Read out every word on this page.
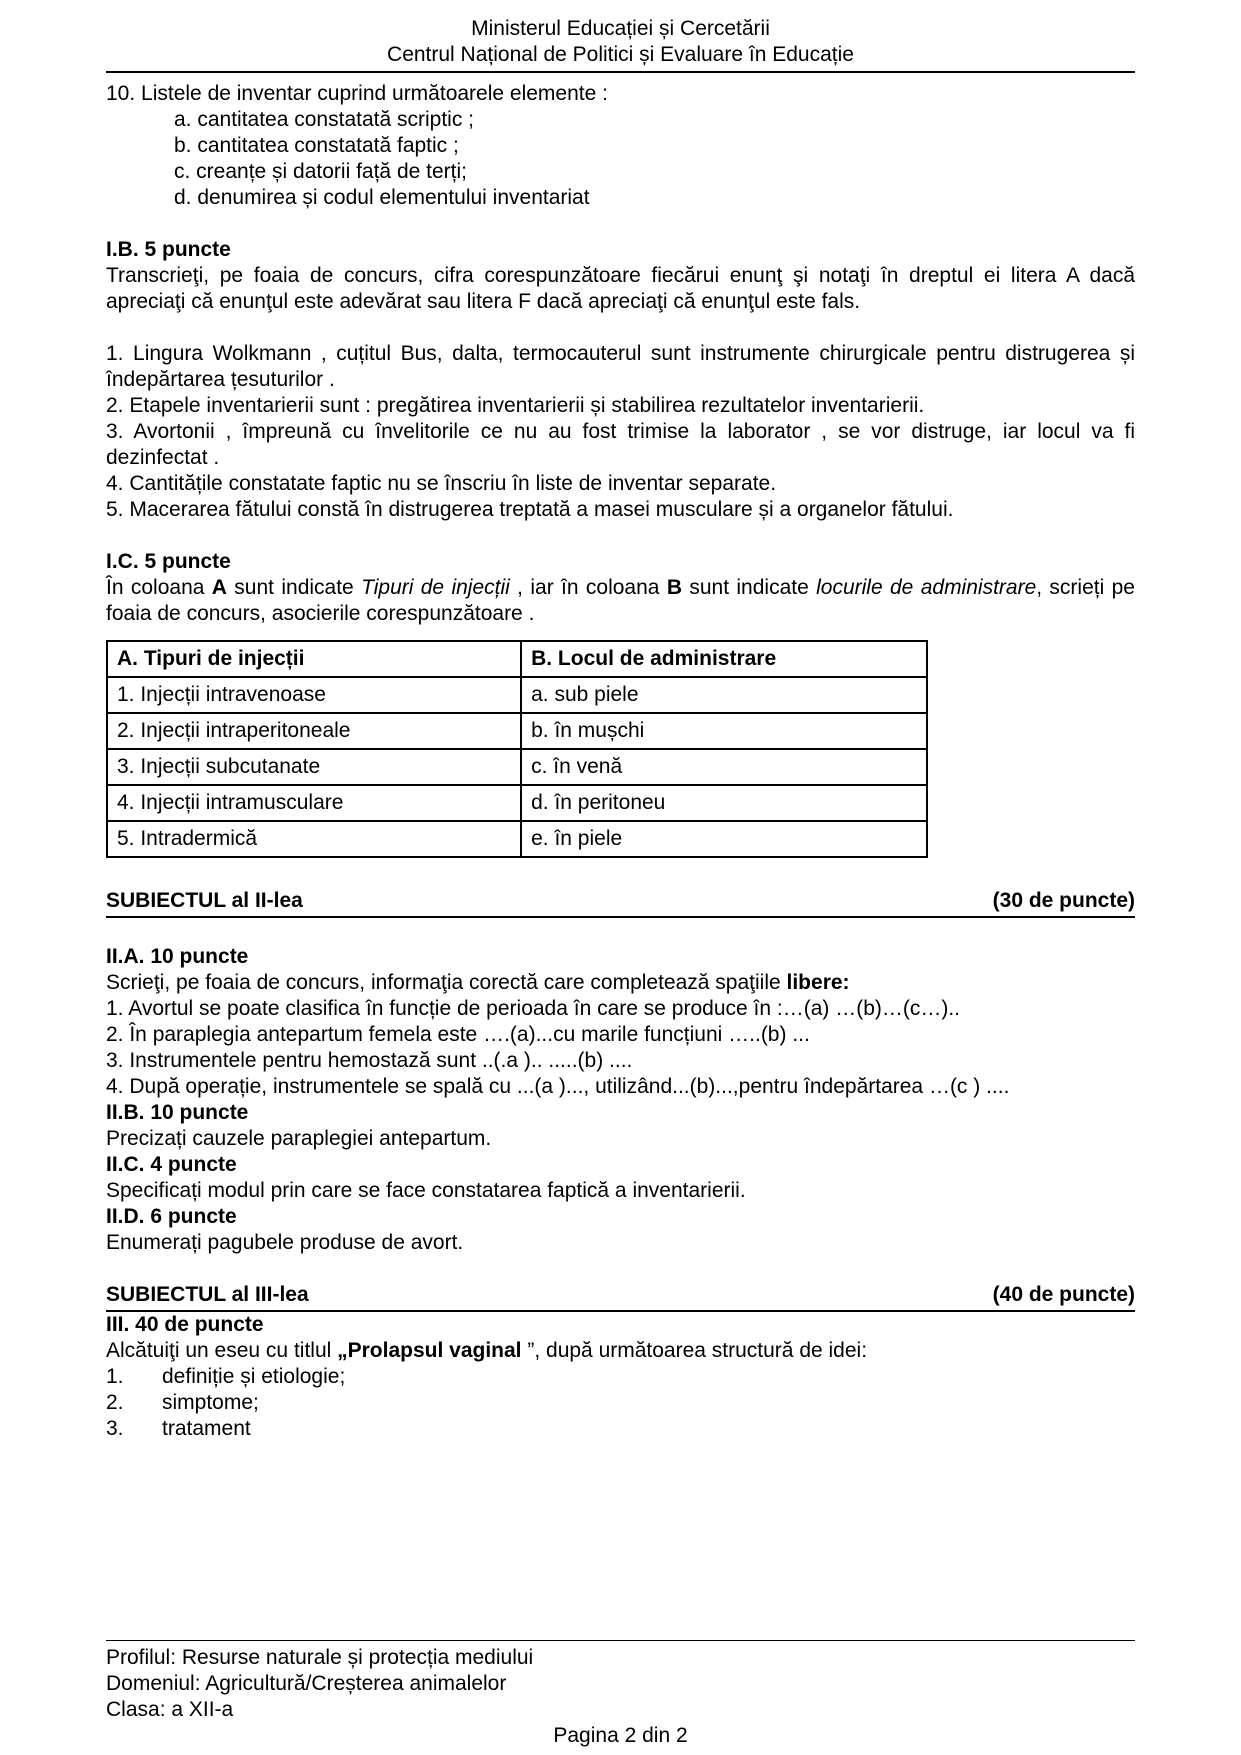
Ministerul Educației și Cercetării
Centrul Național de Politici și Evaluare în Educație

10. Listele de inventar cuprind următoarele elemente :

a. cantitatea constatată scriptic ;

b. cantitatea constatată faptic ;

c. creanțe și datorii față de terți;

d. denumirea și codul elementului inventariat

I.B. 5 puncte

Transcrieţi, pe foaia de concurs, cifra corespunzătoare fiecărui enunţ şi notaţi în dreptul ei litera A dacă apreciaţi că enunţul este adevărat sau litera F dacă apreciaţi că enunţul este fals.

1. Lingura Wolkmann , cuțitul Bus, dalta, termocauterul sunt instrumente chirurgicale pentru distrugerea și îndepărtarea țesuturilor .

2. Etapele inventarierii sunt : pregătirea inventarierii și stabilirea rezultatelor inventarierii.

3. Avortonii , împreună cu învelitorile ce nu au fost trimise la laborator , se vor distruge, iar locul va fi dezinfectat .

4. Cantitățile constatate faptic nu se înscriu în liste de inventar separate.

5. Macerarea fătului constă în distrugerea treptată a masei musculare și a organelor fătului.

I.C. 5 puncte

În coloana A sunt indicate Tipuri de injecții , iar în coloana B sunt indicate locurile de administrare, scrieți pe foaia de concurs, asocierile corespunzătoare .

A. Tipuri de injecții	B. Locul de administrare
1. Injecții intravenoase	a. sub piele
2. Injecții intraperitoneale	b. în mușchi
3. Injecții subcutanate	c. în venă
4. Injecții intramusculare	d. în peritoneu
5. Intradermică	e. în piele
SUBIECTUL al II-lea	(30 de puncte)

II.A. 10 puncte

Scrieţi, pe foaia de concurs, informaţia corectă care completează spaţiile libere:

1. Avortul se poate clasifica în funcție de perioada în care se produce în :…(a) …(b)…(c…)..

2. În paraplegia antepartum femela este ….(a)...cu marile funcțiuni …..(b) ...

3. Instrumentele pentru hemostază sunt ..(.a ).. .....(b) ....

4. După operație, instrumentele se spală cu ...(a )..., utilizând...(b)...,pentru îndepărtarea …(c ) ....

II.B. 10 puncte

Precizați cauzele paraplegiei antepartum.

II.C. 4 puncte

Specificați modul prin care se face constatarea faptică a inventarierii.

II.D. 6 puncte

Enumerați pagubele produse de avort.

SUBIECTUL al III-lea	(40 de puncte)

III. 40 de puncte

Alcătuiţi un eseu cu titlul „Prolapsul vaginal ”, după următoarea structură de idei:

1. definiție și etiologie;

2. simptome;

3. tratament

Profilul: Resurse naturale și protecția mediului

Domeniul: Agricultură/Creșterea animalelor

Clasa: a XII-a

Pagina 2 din 2
